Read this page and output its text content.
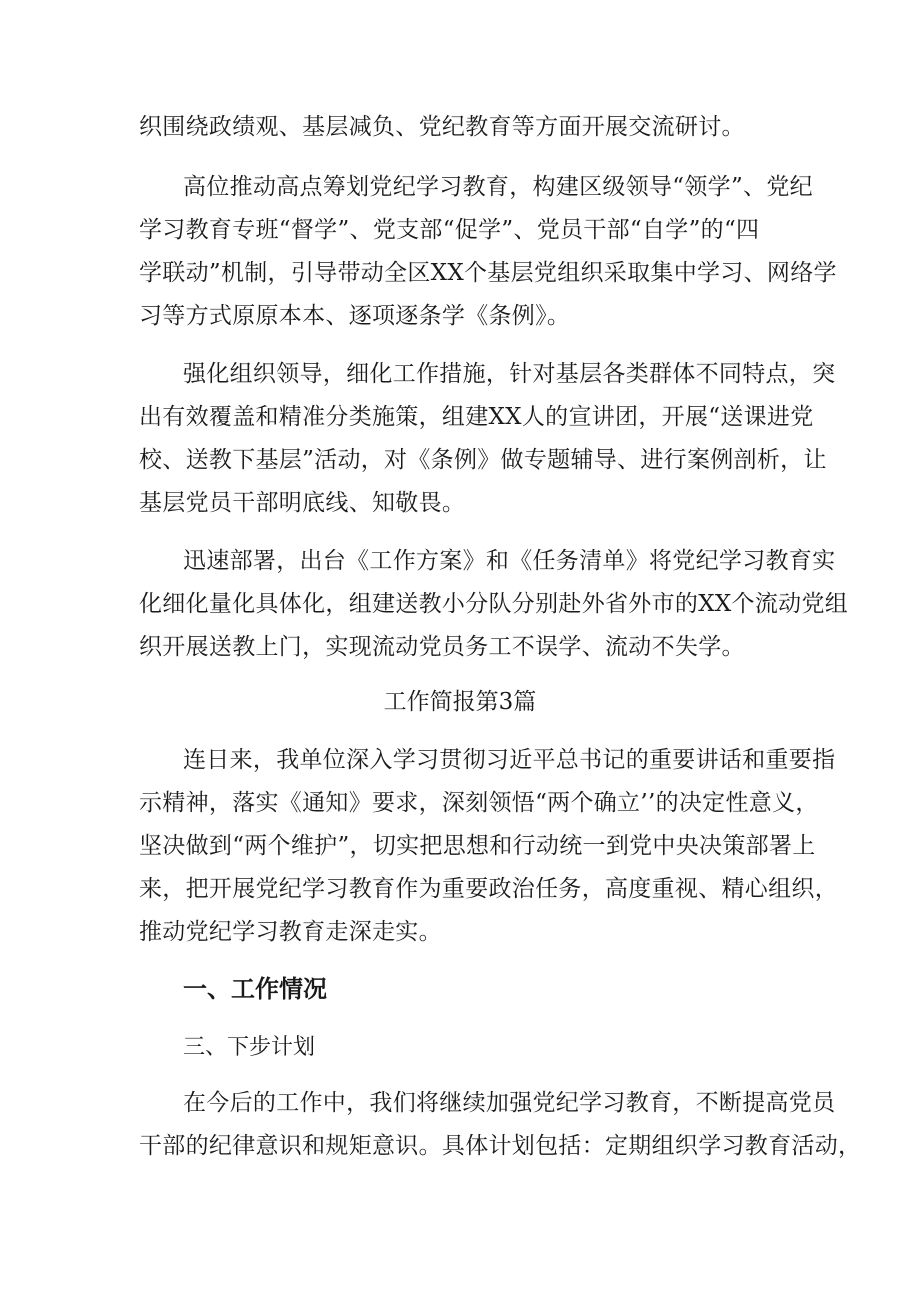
织围绕政绩观、基层减负、党纪教育等方面开展交流研讨。

高位推动高点筹划党纪学习教育，构建区级领导“领学”、党纪
学习教育专班“督学”、党支部“促学”、党员干部“自学”的“四
学联动”机制，引导带动全区XX个基层党组织采取集中学习、网络学
习等方式原原本本、逐项逐条学《条例》。

强化组织领导，细化工作措施，针对基层各类群体不同特点，突
出有效覆盖和精准分类施策，组建XX人的宣讲团，开展“送课进党
校、送教下基层”活动，对《条例》做专题辅导、进行案例剖析，让
基层党员干部明底线、知敬畏。

迅速部署，出台《工作方案》和《任务清单》将党纪学习教育实
化细化量化具体化，组建送教小分队分别赴外省外市的XX个流动党组
织开展送教上门，实现流动党员务工不误学、流动不失学。

工作简报第3篇

连日来，我单位深入学习贯彻习近平总书记的重要讲话和重要指
示精神，落实《通知》要求，深刻领悟“两个确立’’的决定性意义，
坚决做到“两个维护”，切实把思想和行动统一到党中央决策部署上
来，把开展党纪学习教育作为重要政治任务，高度重视、精心组织，
推动党纪学习教育走深走实。

一、工作情况
三、下步计划

在今后的工作中，我们将继续加强党纪学习教育，不断提高党员
干部的纪律意识和规矩意识。具体计划包括：定期组织学习教育活动，
